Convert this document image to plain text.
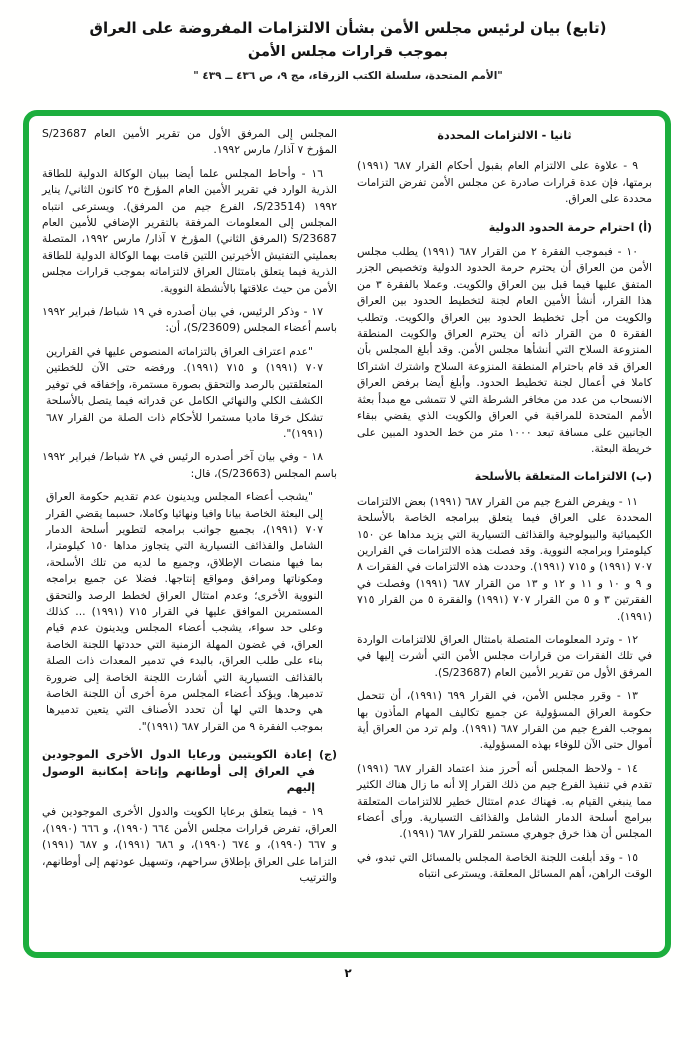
(تابع) بيان لرئيس مجلس الأمن بشأن الالتزامات المفروضة على العراق
بموجب قرارات مجلس الأمن
"الأمم المتحدة، سلسلة الكتب الزرقاء، مج ٩، ص ٤٣٦ ــ ٤٣٩ "
ثانيا - الالتزامات المحددة

٩ - علاوة على الالتزام العام بقبول أحكام القرار ٦٨٧ (١٩٩١) برمتها، فإن عدة قرارات صادرة عن مجلس الأمن تفرض التزامات محددة على العراق.

(أ) احترام حرمة الحدود الدولية

١٠ - فبموجب الفقرة ٢ من القرار ٦٨٧ (١٩٩١) يطلب مجلس الأمن من العراق أن يحترم حرمة الحدود الدولية وتخصيص الجزر المتفق عليها فيما قبل بين العراق والكويت. وعملا بالفقرة ٣ من هذا القرار، أنشأ الأمين العام لجنة لتخطيط الحدود بين العراق والكويت من أجل تخطيط الحدود بين العراق والكويت. وتطلب الفقرة ٥ من القرار ذاته أن يحترم العراق والكويت المنطقة المنزوعة السلاح التي أنشأها مجلس الأمن. وقد أبلغ المجلس بأن العراق قد قام باحترام المنطقة المنزوعة السلاح واشترك اشتراكا كاملا في أعمال لجنة تخطيط الحدود. وأبلغ أيضا برفض العراق الانسحاب من عدد من مخافر الشرطة التي لا تتمشى مع مبدأ بعثة الأمم المتحدة للمراقبة في العراق والكويت الذي يقضي ببقاء الجانبين على مسافة تبعد ١٠٠٠ متر من خط الحدود المبين على خريطة البعثة.

(ب) الالتزامات المتعلقة بالأسلحة

١١ - ويفرض الفرع جيم من القرار ٦٨٧ (١٩٩١) بعض الالتزامات المحددة على العراق فيما يتعلق ببرامجه الخاصة بالأسلحة الكيميائية والبيولوجية والقذائف التسيارية التي يزيد مداها عن ١٥٠ كيلومترا وبرامجه النووية. وقد فصلت هذه الالتزامات في القرارين ٧٠٧ (١٩٩١) و ٧١٥ (١٩٩١). وحددت هذه الالتزامات في الفقرات ٨ و ٩ و ١٠ و ١١ و ١٢ و ١٣ من القرار ٦٨٧ (١٩٩١) وفصلت في الفقرتين ٣ و ٥ من القرار ٧٠٧ (١٩٩١) والفقرة ٥ من القرار ٧١٥ (١٩٩١).

١٢ - وترد المعلومات المتصلة بامتثال العراق للالتزامات الواردة في تلك الفقرات من قرارات مجلس الأمن التي أشرت إليها في المرفق الأول من تقرير الأمين العام (S/23687).

١٣ - وقرر مجلس الأمن، في القرار ٦٩٩ (١٩٩١)، أن تتحمل حكومة العراق المسؤولية عن جميع تكاليف المهام المأذون بها بموجب الفرع جيم من القرار ٦٨٧ (١٩٩١). ولم ترد من العراق أية أموال حتى الآن للوفاء بهذه المسؤولية.

١٤ - ولاحظ المجلس أنه أحرز منذ اعتماد القرار ٦٨٧ (١٩٩١) تقدم في تنفيذ الفرع جيم من ذلك القرار إلا أنه ما زال هناك الكثير مما ينبغي القيام به. فهناك عدم امتثال خطير للالتزامات المتعلقة ببرامج أسلحة الدمار الشامل والقذائف التسيارية. ورأى أعضاء المجلس أن هذا خرق جوهري مستمر للقرار ٦٨٧ (١٩٩١).

١٥ - وقد أبلغت اللجنة الخاصة المجلس بالمسائل التي تبدو، في الوقت الراهن، أهم المسائل المعلقة. ويسترعى انتباه

المجلس إلى المرفق الأول من تقرير الأمين العام S/23687 المؤرخ ٧ آذار/ مارس ١٩٩٢.

١٦ - وأحاط المجلس علما أيضا ببيان الوكالة الدولية للطاقة الذرية الوارد في تقرير الأمين العام المؤرخ ٢٥ كانون الثاني/ يناير ١٩٩٢ (S/23514، الفرع جيم من المرفق). ويسترعى انتباه المجلس إلى المعلومات المرفقة بالتقرير الإضافي للأمين العام S/23687 (المرفق الثاني) المؤرخ ٧ آذار/ مارس ١٩٩٢، المتصلة بعمليتي التفتيش الأخيرتين اللتين قامت بهما الوكالة الدولية للطاقة الذرية فيما يتعلق بامتثال العراق لالتزاماته بموجب قرارات مجلس الأمن من حيث علاقتها بالأنشطة النووية.

١٧ - وذكر الرئيس، في بيان أصدره في ١٩ شباط/ فبراير ١٩٩٢ باسم أعضاء المجلس (S/23609)، أن:

"عدم اعتراف العراق بالتزاماته المنصوص عليها في القرارين ٧٠٧ (١٩٩١) و ٧١٥ (١٩٩١). ورفضه حتى الآن للخطتين المتعلقتين بالرصد والتحقق بصورة مستمرة، وإخفاقه في توفير الكشف الكلي والنهائي الكامل عن قدراته فيما يتصل بالأسلحة تشكل خرقا ماديا مستمرا للأحكام ذات الصلة من القرار ٦٨٧ (١٩٩١)".

١٨ - وفي بيان آخر أصدره الرئيس في ٢٨ شباط/ فبراير ١٩٩٢ باسم المجلس (S/23663)، قال:

"يشجب أعضاء المجلس ويدينون عدم تقديم حكومة العراق إلى البعثة الخاصة بيانا وافيا ونهائيا وكاملا، حسبما يقضي القرار ٧٠٧ (١٩٩١)، بجميع جوانب برامجه لتطوير أسلحة الدمار الشامل والقذائف التسيارية التي يتجاوز مداها ١٥٠ كيلومترا، بما فيها منصات الإطلاق، وجميع ما لديه من تلك الأسلحة، ومكوناتها ومرافق ومواقع إنتاجها. فضلا عن جميع برامجه النووية الأخرى؛ وعدم امتثال العراق لخطط الرصد والتحقق المستمرين الموافق عليها في القرار ٧١٥ (١٩٩١) ... كذلك وعلى حد سواء، يشجب أعضاء المجلس ويدينون عدم قيام العراق، في غضون المهلة الزمنية التي حددتها اللجنة الخاصة بناء على طلب العراق، بالبدء في تدمير المعدات ذات الصلة بالقذائف التسيارية التي أشارت اللجنة الخاصة إلى ضرورة تدميرها. ويؤكد أعضاء المجلس مرة أخرى أن اللجنة الخاصة هي وحدها التي لها أن تحدد الأصناف التي يتعين تدميرها بموجب الفقرة ٩ من القرار ٦٨٧ (١٩٩١)".

(ج) إعادة الكويتيين ورعايا الدول الأخرى الموجودين في العراق إلى أوطانهم وإتاحة إمكانية الوصول إليهم

١٩ - فيما يتعلق برعايا الكويت والدول الأخرى الموجودين في العراق، تفرض قرارات مجلس الأمن ٦٦٤ (١٩٩٠)، و ٦٦٦ (١٩٩٠)، و ٦٦٧ (١٩٩٠)، و ٦٧٤ (١٩٩٠)، و ٦٨٦ (١٩٩١)، و ٦٨٧ (١٩٩١) التزاما على العراق بإطلاق سراحهم، وتسهيل عودتهم إلى أوطانهم، والترتيب

٢
